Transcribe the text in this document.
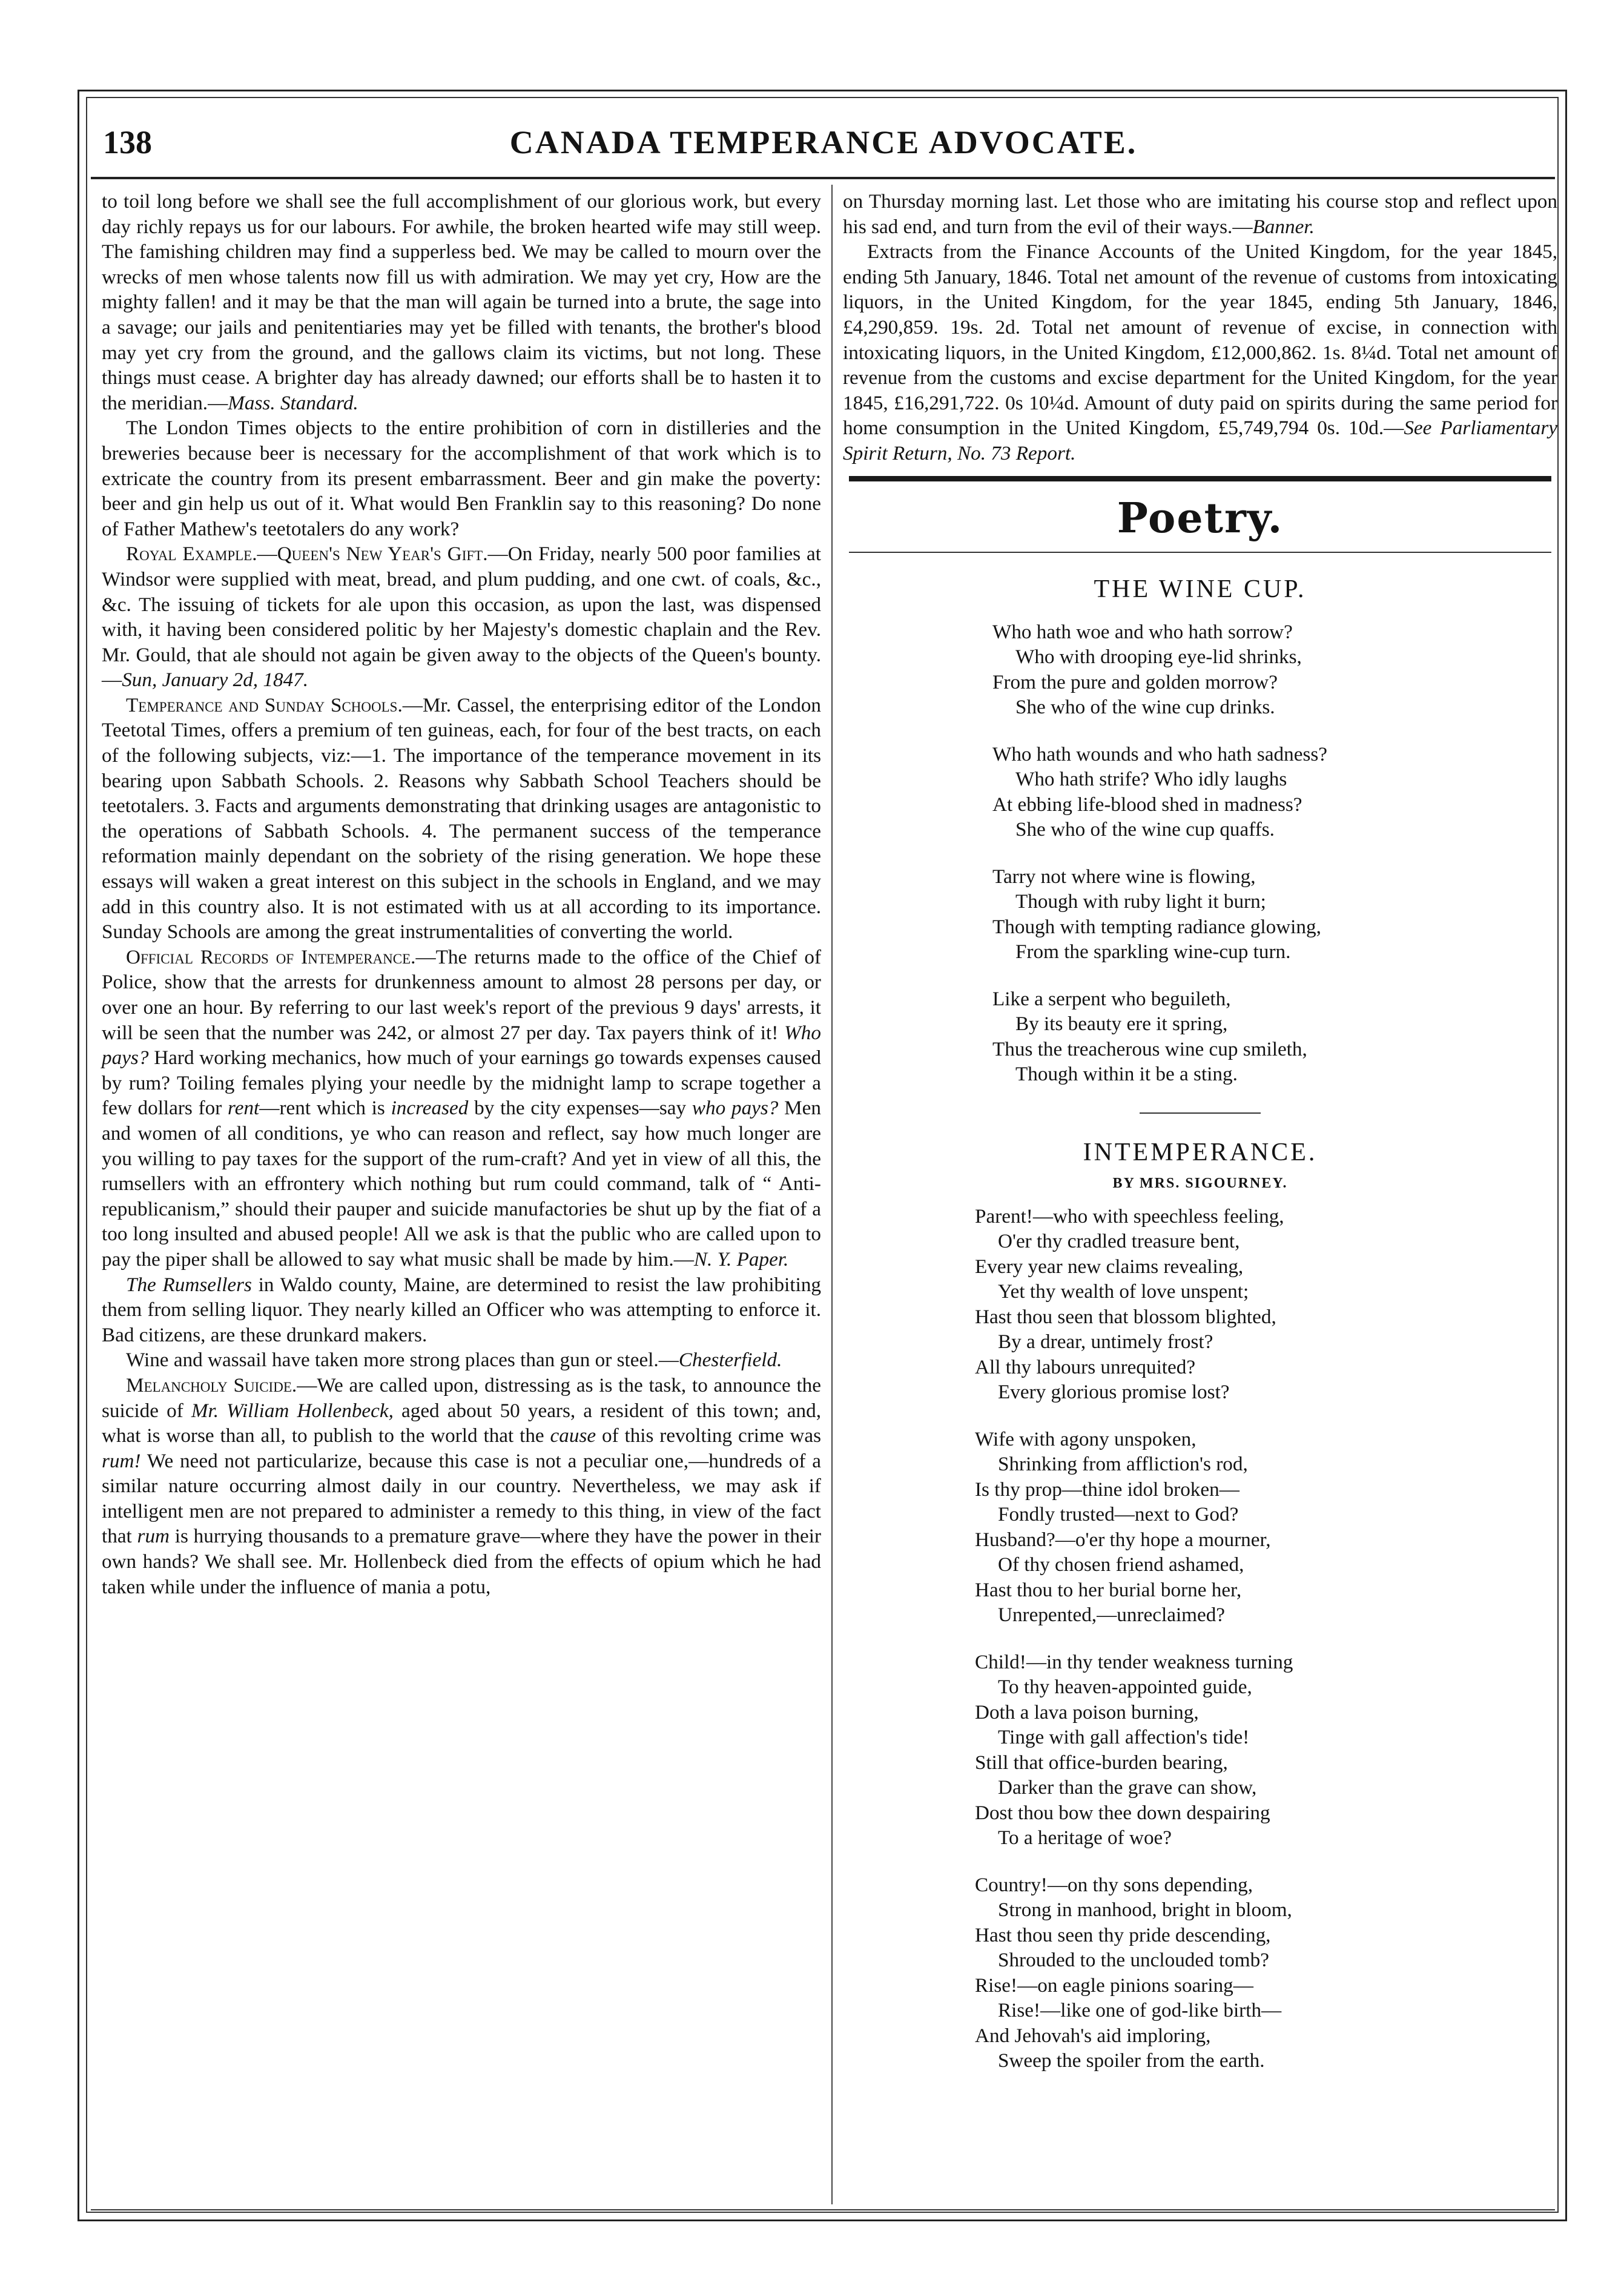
138	CANADA TEMPERANCE ADVOCATE.

to toil long before we shall see the full accomplishment of our glorious work, but every day richly repays us for our labours. For awhile, the broken hearted wife may still weep. The famishing children may find a supperless bed. We may be called to mourn over the wrecks of men whose talents now fill us with admiration. We may yet cry, How are the mighty fallen! and it may be that the man will again be turned into a brute, the sage into a savage; our jails and penitentiaries may yet be filled with tenants, the brother's blood may yet cry from the ground, and the gallows claim its victims, but not long. These things must cease. A brighter day has already dawned; our efforts shall be to hasten it to the meridian.—Mass. Standard.

The London Times objects to the entire prohibition of corn in distilleries and the breweries because beer is necessary for the accomplishment of that work which is to extricate the country from its present embarrassment. Beer and gin make the poverty: beer and gin help us out of it. What would Ben Franklin say to this reasoning? Do none of Father Mathew's teetotalers do any work?

Royal Example.—Queen's New Year's Gift.—On Friday, nearly 500 poor families at Windsor were supplied with meat, bread, and plum pudding, and one cwt. of coals, &c., &c. The issuing of tickets for ale upon this occasion, as upon the last, was dispensed with, it having been considered politic by her Majesty's domestic chaplain and the Rev. Mr. Gould, that ale should not again be given away to the objects of the Queen's bounty.—Sun, January 2d, 1847.

Temperance and Sunday Schools.—Mr. Cassel, the enterprising editor of the London Teetotal Times, offers a premium of ten guineas, each, for four of the best tracts, on each of the following subjects, viz:—1. The importance of the temperance movement in its bearing upon Sabbath Schools. 2. Reasons why Sabbath School Teachers should be teetotalers. 3. Facts and arguments demonstrating that drinking usages are antagonistic to the operations of Sabbath Schools. 4. The permanent success of the temperance reformation mainly dependant on the sobriety of the rising generation. We hope these essays will waken a great interest on this subject in the schools in England, and we may add in this country also. It is not estimated with us at all according to its importance. Sunday Schools are among the great instrumentalities of converting the world.

Official Records of Intemperance.—The returns made to the office of the Chief of Police, show that the arrests for drunkenness amount to almost 28 persons per day, or over one an hour. By referring to our last week's report of the previous 9 days' arrests, it will be seen that the number was 242, or almost 27 per day. Tax payers think of it! Who pays? Hard working mechanics, how much of your earnings go towards expenses caused by rum? Toiling females plying your needle by the midnight lamp to scrape together a few dollars for rent—rent which is increased by the city expenses—say who pays? Men and women of all conditions, ye who can reason and reflect, say how much longer are you willing to pay taxes for the support of the rum-craft? And yet in view of all this, the rumsellers with an effrontery which nothing but rum could command, talk of “ Anti-republicanism,” should their pauper and suicide manufactories be shut up by the fiat of a too long insulted and abused people! All we ask is that the public who are called upon to pay the piper shall be allowed to say what music shall be made by him.—N. Y. Paper.

The Rumsellers in Waldo county, Maine, are determined to resist the law prohibiting them from selling liquor. They nearly killed an Officer who was attempting to enforce it. Bad citizens, are these drunkard makers.

Wine and wassail have taken more strong places than gun or steel.—Chesterfield.

Melancholy Suicide.—We are called upon, distressing as is the task, to announce the suicide of Mr. William Hollenbeck, aged about 50 years, a resident of this town; and, what is worse than all, to publish to the world that the cause of this revolting crime was rum! We need not particularize, because this case is not a peculiar one,—hundreds of a similar nature occurring almost daily in our country. Nevertheless, we may ask if intelligent men are not prepared to administer a remedy to this thing, in view of the fact that rum is hurrying thousands to a premature grave—where they have the power in their own hands? We shall see. Mr. Hollenbeck died from the effects of opium which he had taken while under the influence of mania a potu,

on Thursday morning last. Let those who are imitating his course stop and reflect upon his sad end, and turn from the evil of their ways.—Banner.

Extracts from the Finance Accounts of the United Kingdom, for the year 1845, ending 5th January, 1846. Total net amount of the revenue of customs from intoxicating liquors, in the United Kingdom, for the year 1845, ending 5th January, 1846, £4,290,859. 19s. 2d. Total net amount of revenue of excise, in connection with intoxicating liquors, in the United Kingdom, £12,000,862. 1s. 8¼d. Total net amount of revenue from the customs and excise department for the United Kingdom, for the year 1845, £16,291,722. 0s 10¼d. Amount of duty paid on spirits during the same period for home consumption in the United Kingdom, £5,749,794 0s. 10d.—See Parliamentary Spirit Return, No. 73 Report.

Poetry.
THE WINE CUP.
Who hath woe and who hath sorrow?
Who with drooping eye-lid shrinks,
From the pure and golden morrow?
She who of the wine cup drinks.
Who hath wounds and who hath sadness?
Who hath strife? Who idly laughs
At ebbing life-blood shed in madness?
She who of the wine cup quaffs.
Tarry not where wine is flowing,
Though with ruby light it burn;
Though with tempting radiance glowing,
From the sparkling wine-cup turn.
Like a serpent who beguileth,
By its beauty ere it spring,
Thus the treacherous wine cup smileth,
Though within it be a sting.
INTEMPERANCE.
BY MRS. SIGOURNEY.
Parent!—who with speechless feeling,
O'er thy cradled treasure bent,
Every year new claims revealing,
Yet thy wealth of love unspent;
Hast thou seen that blossom blighted,
By a drear, untimely frost?
All thy labours unrequited?
Every glorious promise lost?
Wife with agony unspoken,
Shrinking from affliction's rod,
Is thy prop—thine idol broken—
Fondly trusted—next to God?
Husband?—o'er thy hope a mourner,
Of thy chosen friend ashamed,
Hast thou to her burial borne her,
Unrepented,—unreclaimed?
Child!—in thy tender weakness turning
To thy heaven-appointed guide,
Doth a lava poison burning,
Tinge with gall affection's tide!
Still that office-burden bearing,
Darker than the grave can show,
Dost thou bow thee down despairing
To a heritage of woe?
Country!—on thy sons depending,
Strong in manhood, bright in bloom,
Hast thou seen thy pride descending,
Shrouded to the unclouded tomb?
Rise!—on eagle pinions soaring—
Rise!—like one of god-like birth—
And Jehovah's aid imploring,
Sweep the spoiler from the earth.
